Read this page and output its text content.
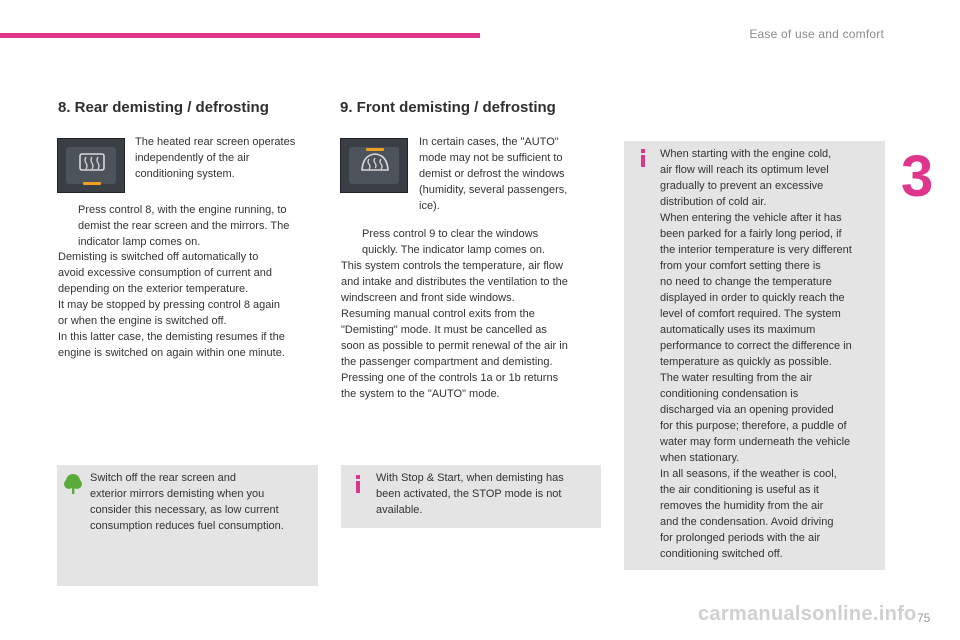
Ease of use and comfort
3
8. Rear demisting / defrosting

The heated rear screen operates

independently of the air

conditioning system.

Press control 8, with the engine running, to

demist the rear screen and the mirrors. The

indicator lamp comes on.

Demisting is switched off automatically to

avoid excessive consumption of current and

depending on the exterior temperature.

It may be stopped by pressing control 8 again

or when the engine is switched off.

In this latter case, the demisting resumes if the

engine is switched on again within one minute.

Switch off the rear screen and

exterior mirrors demisting when you

consider this necessary, as low current

consumption reduces fuel consumption.

9. Front demisting / defrosting

In certain cases, the "AUTO"

mode may not be sufficient to

demist or defrost the windows

(humidity, several passengers,

ice).

Press control 9 to clear the windows

quickly. The indicator lamp comes on.

This system controls the temperature, air flow

and intake and distributes the ventilation to the

windscreen and front side windows.

Resuming manual control exits from the

"Demisting" mode. It must be cancelled as

soon as possible to permit renewal of the air in

the passenger compartment and demisting.

Pressing one of the controls 1a or 1b returns

the system to the "AUTO" mode.

With Stop & Start, when demisting has

been activated, the STOP mode is not

available.

When starting with the engine cold,

air flow will reach its optimum level

gradually to prevent an excessive

distribution of cold air.

When entering the vehicle after it has

been parked for a fairly long period, if

the interior temperature is very different

from your comfort setting there is

no need to change the temperature

displayed in order to quickly reach the

level of comfort required. The system

automatically uses its maximum

performance to correct the difference in

temperature as quickly as possible.

The water resulting from the air

conditioning condensation is

discharged via an opening provided

for this purpose; therefore, a puddle of

water may form underneath the vehicle

when stationary.

In all seasons, if the weather is cool,

the air conditioning is useful as it

removes the humidity from the air

and the condensation. Avoid driving

for prolonged periods with the air

conditioning switched off.

carmanualsonline.info 75
